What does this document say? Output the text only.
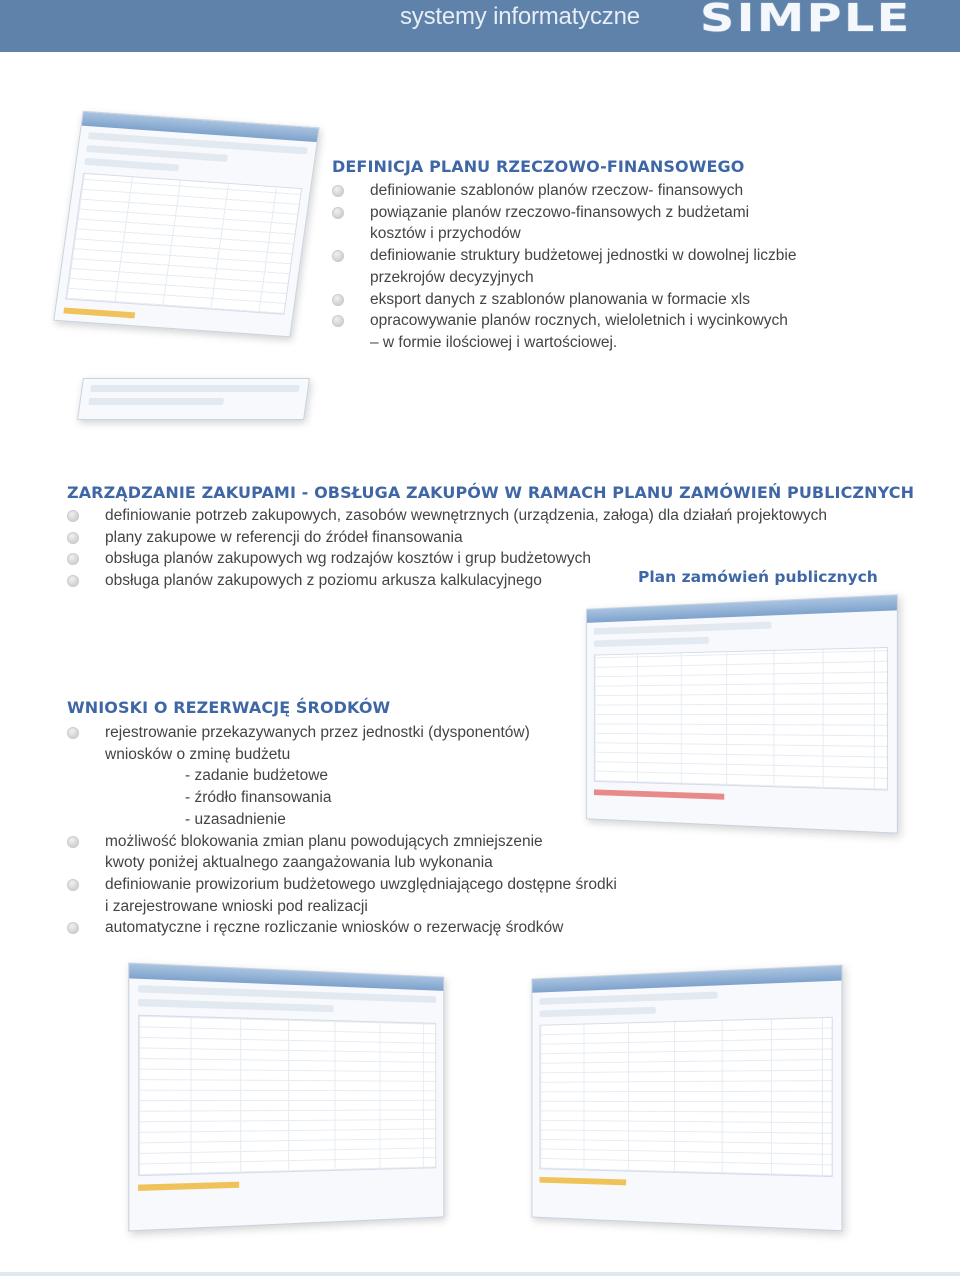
systemy informatyczne SIMPLE
DEFINICJA PLANU RZECZOWO-FINANSOWEGO
definiowanie szablonów planów rzeczow- finansowych
powiązanie planów rzeczowo-finansowych z budżetami
kosztów i przychodów
definiowanie struktury budżetowej jednostki w dowolnej liczbie
przekrojów decyzyjnych
eksport danych z szablonów planowania w formacie xls
opracowywanie planów rocznych, wieloletnich i wycinkowych
– w formie ilościowej i wartościowej.
ZARZĄDZANIE ZAKUPAMI - OBSŁUGA ZAKUPÓW W RAMACH PLANU ZAMÓWIEŃ PUBLICZNYCH
definiowanie potrzeb zakupowych, zasobów wewnętrznych (urządzenia, załoga) dla działań projektowych
plany zakupowe w referencji do źródeł finansowania
obsługa planów zakupowych wg rodzajów kosztów i grup budżetowych
obsługa planów zakupowych z poziomu arkusza kalkulacyjnego	Plan zamówień publicznych
WNIOSKI O REZERWACJĘ ŚRODKÓW
rejestrowanie przekazywanych przez jednostki (dysponentów)
wniosków o zminę budżetu
- zadanie budżetowe
- źródło finansowania
- uzasadnienie
możliwość blokowania zmian planu powodujących zmniejszenie
kwoty poniżej aktualnego zaangażowania lub wykonania
definiowanie prowizorium budżetowego uwzględniającego dostępne środki
i zarejestrowane wnioski pod realizacji
automatyczne i ręczne rozliczanie wniosków o rezerwację środków
